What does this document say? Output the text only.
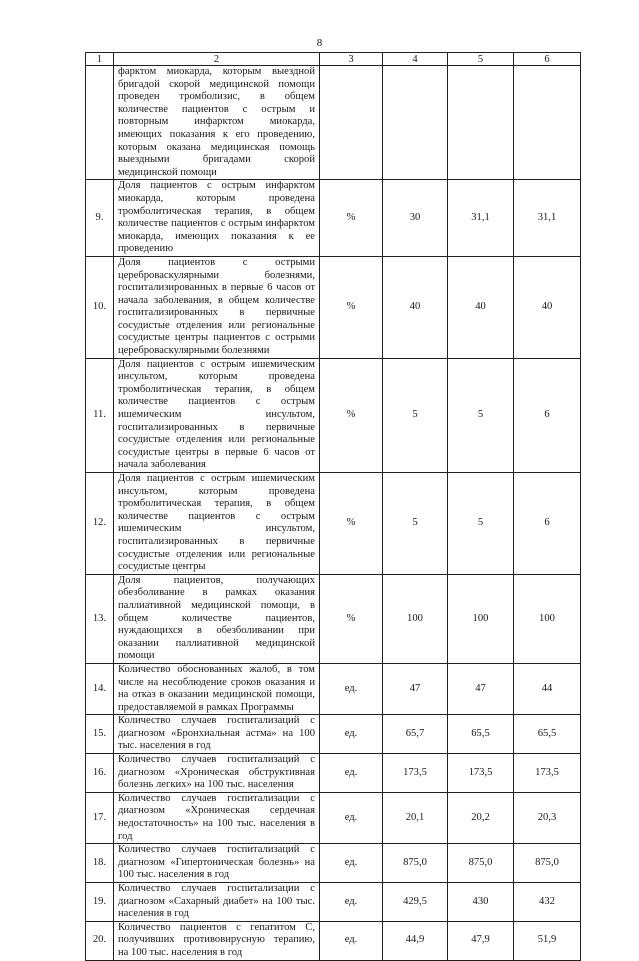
8
1	2	3	4	5	6
	фарктом миокарда, которым выездной бригадой скорой медицинской помощи проведен тромболизис, в общем количестве пациентов с острым и повторным инфарктом миокарда, имеющих показания к его проведению, которым оказана медицинская помощь выездными бригадами скорой медицинской помощи				
9.	Доля пациентов с острым инфарктом миокарда, которым проведена тромболитическая терапия, в общем количестве пациентов с острым инфарктом миокарда, имеющих показания к ее проведению	%	30	31,1	31,1
10.	Доля пациентов с острыми цереброваскулярными болезнями, госпитализированных в первые 6 часов от начала заболевания, в общем количестве госпитализированных в первичные сосудистые отделения или региональные сосудистые центры пациентов с острыми цереброваскулярными болезнями	%	40	40	40
11.	Доля пациентов с острым ишемическим инсультом, которым проведена тромболитическая терапия, в общем количестве пациентов с острым ишемическим инсультом, госпитализированных в первичные сосудистые отделения или региональные сосудистые центры в первые 6 часов от начала заболевания	%	5	5	6
12.	Доля пациентов с острым ишемическим инсультом, которым проведена тромболитическая терапия, в общем количестве пациентов с острым ишемическим инсультом, госпитализированных в первичные сосудистые отделения или региональные сосудистые центры	%	5	5	6
13.	Доля пациентов, получающих обезболивание в рамках оказания паллиативной медицинской помощи, в общем количестве пациентов, нуждающихся в обезболивании при оказании паллиативной медицинской помощи	%	100	100	100
14.	Количество обоснованных жалоб, в том числе на несоблюдение сроков оказания и на отказ в оказании медицинской помощи, предоставляемой в рамках Программы	ед.	47	47	44
15.	Количество случаев госпитализаций с диагнозом «Бронхиальная астма» на 100 тыс. населения в год	ед.	65,7	65,5	65,5
16.	Количество случаев госпитализаций с диагнозом «Хроническая обструктивная болезнь легких» на 100 тыс. населения	ед.	173,5	173,5	173,5
17.	Количество случаев госпитализации с диагнозом «Хроническая сердечная недостаточность» на 100 тыс. населения в год	ед.	20,1	20,2	20,3
18.	Количество случаев госпитализаций с диагнозом «Гипертоническая болезнь» на 100 тыс. населения в год	ед.	875,0	875,0	875,0
19.	Количество случаев госпитализации с диагнозом «Сахарный диабет» на 100 тыс. населения в год	ед.	429,5	430	432
20.	Количество пациентов с гепатитом С, получивших противовирусную терапию, на 100 тыс. населения в год	ед.	44,9	47,9	51,9
